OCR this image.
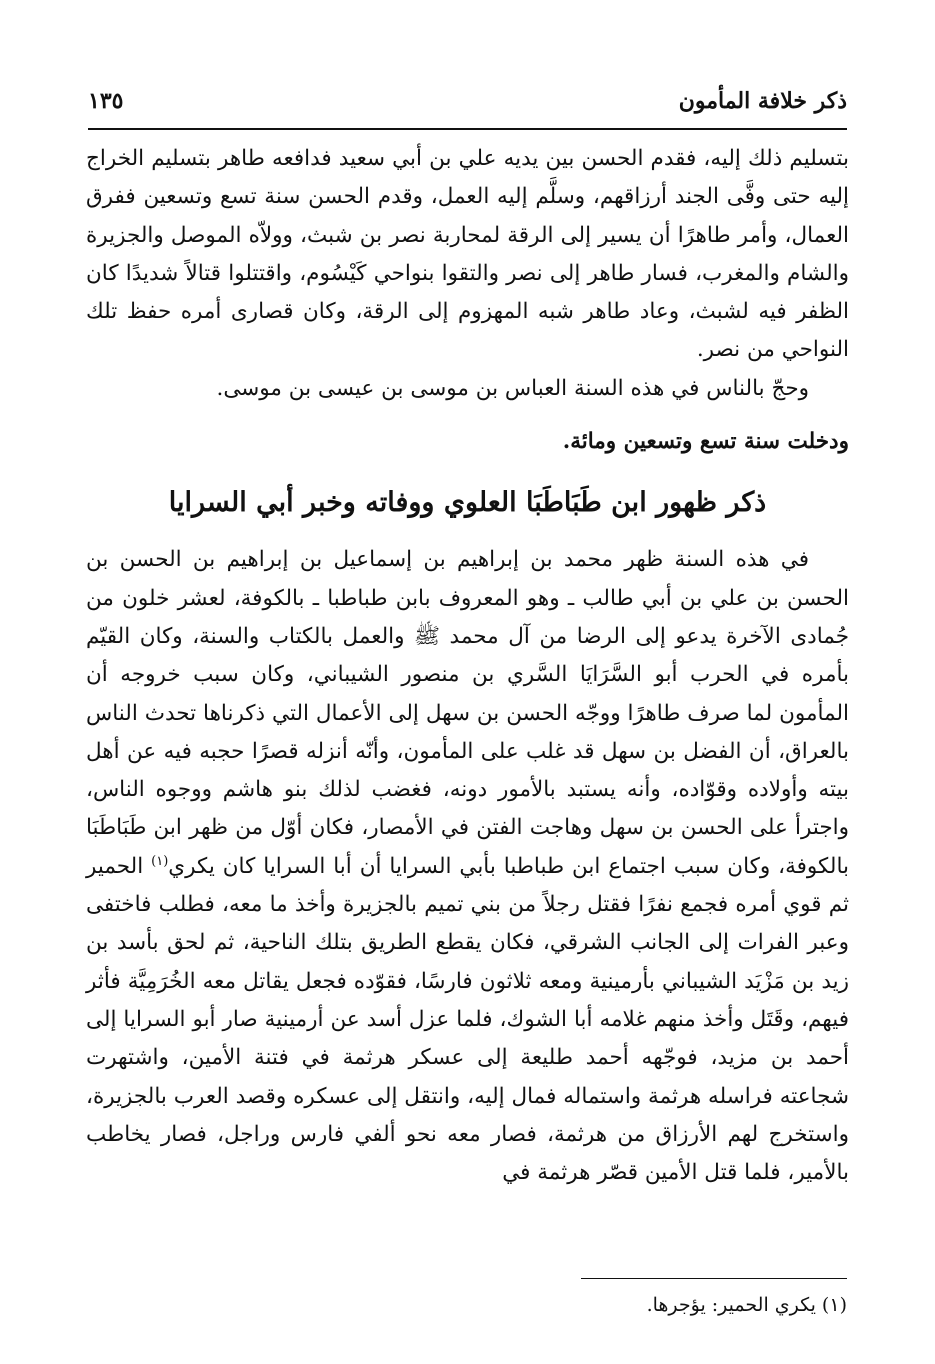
ذكر خلافة المأمون
١٣٥

بتسليم ذلك إليه، فقدم الحسن بين يديه علي بن أبي سعيد فدافعه طاهر بتسليم الخراج إليه حتى وفَّى الجند أرزاقهم، وسلَّم إليه العمل، وقدم الحسن سنة تسع وتسعين ففرق العمال، وأمر طاهرًا أن يسير إلى الرقة لمحاربة نصر بن شبث، وولاّه الموصل والجزيرة والشام والمغرب، فسار طاهر إلى نصر والتقوا بنواحي كَيْسُوم، واقتتلوا قتالاً شديدًا كان الظفر فيه لشبث، وعاد طاهر شبه المهزوم إلى الرقة، وكان قصارى أمره حفظ تلك النواحي من نصر.

وحجّ بالناس في هذه السنة العباس بن موسى بن عيسى بن موسى.

ودخلت سنة تسع وتسعين ومائة.

ذكر ظهور ابن طَبَاطَبَا العلوي ووفاته وخبر أبي السرايا

في هذه السنة ظهر محمد بن إبراهيم بن إسماعيل بن إبراهيم بن الحسن بن الحسن بن علي بن أبي طالب ـ وهو المعروف بابن طباطبا ـ بالكوفة، لعشر خلون من جُمادى الآخرة يدعو إلى الرضا من آل محمد ﷺ والعمل بالكتاب والسنة، وكان القيّم بأمره في الحرب أبو السَّرَايَا السَّري بن منصور الشيباني، وكان سبب خروجه أن المأمون لما صرف طاهرًا ووجّه الحسن بن سهل إلى الأعمال التي ذكرناها تحدث الناس بالعراق، أن الفضل بن سهل قد غلب على المأمون، وأنّه أنزله قصرًا حجبه فيه عن أهل بيته وأولاده وقوّاده، وأنه يستبد بالأمور دونه، فغضب لذلك بنو هاشم ووجوه الناس، واجترأ على الحسن بن سهل وهاجت الفتن في الأمصار، فكان أوّل من ظهر ابن طَبَاطَبَا بالكوفة، وكان سبب اجتماع ابن طباطبا بأبي السرايا أن أبا السرايا كان يكري$^{(١)}$ الحمير ثم قوي أمره فجمع نفرًا فقتل رجلاً من بني تميم بالجزيرة وأخذ ما معه، فطلب فاختفى وعبر الفرات إلى الجانب الشرقي، فكان يقطع الطريق بتلك الناحية، ثم لحق بأسد بن زيد بن مَزْيَد الشيباني بأرمينية ومعه ثلاثون فارسًا، فقوّده فجعل يقاتل معه الخُرَمِيَّة فأثر فيهم، وقَتَل وأخذ منهم غلامه أبا الشوك، فلما عزل أسد عن أرمينية صار أبو السرايا إلى أحمد بن مزيد، فوجّهه أحمد طليعة إلى عسكر هرثمة في فتنة الأمين، واشتهرت شجاعته فراسله هرثمة واستماله فمال إليه، وانتقل إلى عسكره وقصد العرب بالجزيرة، واستخرج لهم الأرزاق من هرثمة، فصار معه نحو ألفي فارس وراجل، فصار يخاطب بالأمير، فلما قتل الأمين قصّر هرثمة في

(١) يكري الحمير: يؤجرها.
